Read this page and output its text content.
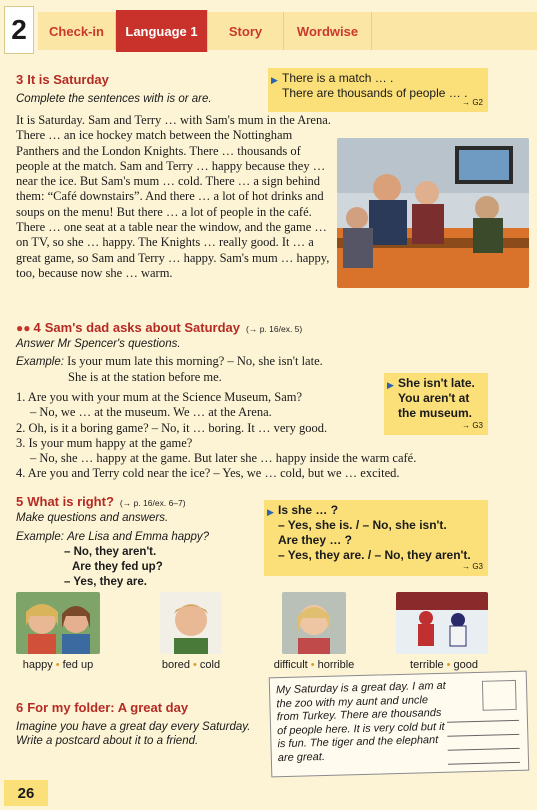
2	Check-in	Language 1	Story	Wordwise
3 It is Saturday
Complete the sentences with is or are.
▶ There is a match … .
There are thousands of people … .
→ G2
It is Saturday. Sam and Terry … with Sam's mum in the Arena. There … an ice hockey match between the Nottingham Panthers and the London Knights. There … thousands of people at the match. Sam and Terry … happy because they … near the ice. But Sam's mum … cold. There … a sign behind them: “Café downstairs”. And there … a lot of hot drinks and soups on the menu! But there … a lot of people in the café. There … one seat at a table near the window, and the game … on TV, so she … happy. The Knights … really good. It … a great game, so Sam and Terry … happy. Sam's mum … happy, too, because now she … warm.
●● 4 Sam's dad asks about Saturday (→ p. 16/ex. 5)
Answer Mr Spencer's questions.
Example: Is your mum late this morning? – No, she isn't late.
She is at the station before me.
▶ She isn't late.
You aren't at
the museum.
→ G3
1. Are you with your mum at the Science Museum, Sam?
– No, we … at the museum. We … at the Arena.
2. Oh, is it a boring game? – No, it … boring. It … very good.
3. Is your mum happy at the game?
– No, she … happy at the game. But later she … happy inside the warm café.
4. Are you and Terry cold near the ice? – Yes, we … cold, but we … excited.
5 What is right? (→ p. 16/ex. 6–7)
Make questions and answers.
Example: Are Lisa and Emma happy?
– No, they aren't.
Are they fed up?
– Yes, they are.
▶ Is she … ?
– Yes, she is. / – No, she isn't.
Are they … ?
– Yes, they are. / – No, they aren't.
→ G3
happy • fed up	bored • cold	difficult • horrible	terrible • good
6 For my folder: A great day
Imagine you have a great day every Saturday. Write a postcard about it to a friend.
My Saturday is a great day. I am at the zoo with my aunt and uncle from Turkey. There are thousands of people here. It is very cold but it is fun. The tiger and the elephant are great.
26
